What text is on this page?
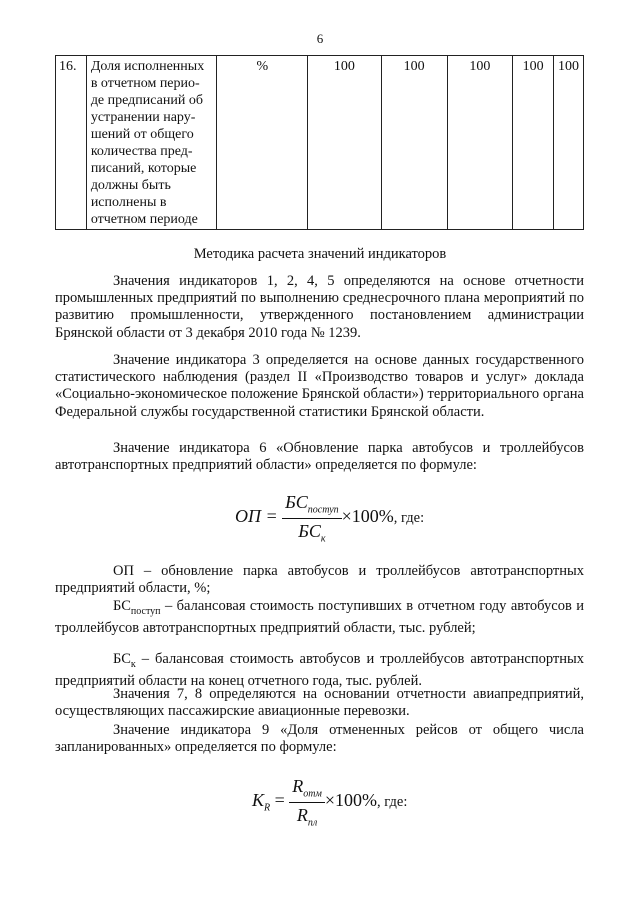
6
16.	Доля исполненных в отчетном перио-де предписаний об устранении нару-шений от общего количества пред-писаний, которые должны быть исполнены в отчетном периоде	%	100	100	100	100	100
Методика расчета значений индикаторов

Значения индикаторов 1, 2, 4, 5 определяются на основе отчетности промышленных предприятий по выполнению среднесрочного плана мероприятий по развитию промышленности, утвержденного постановлением администрации Брянской области от 3 декабря 2010 года № 1239.

Значение индикатора 3 определяется на основе данных государственного статистического наблюдения (раздел II «Производство товаров и услуг» доклада «Социально-экономическое положение Брянской области») территориального органа Федеральной службы государственной статистики Брянской области.

Значение индикатора 6 «Обновление парка автобусов и троллейбусов автотранспортных предприятий области» определяется по формуле:

ОП = $\frac{БС_{поступ}}{БС_к} \times 100\%$, где:

ОП – обновление парка автобусов и троллейбусов автотранспортных предприятий области, %;

$БС_{поступ}$ – балансовая стоимость поступивших в отчетном году автобусов и троллейбусов автотранспортных предприятий области, тыс. рублей;

$БС_к$ – балансовая стоимость автобусов и троллейбусов автотранспортных предприятий области на конец отчетного года, тыс. рублей.

Значения 7, 8 определяются на основании отчетности авиапредприятий, осуществляющих пассажирские авиационные перевозки.

Значение индикатора 9 «Доля отмененных рейсов от общего числа запланированных» определяется по формуле:

$K_R = \frac{R_{отм}}{R_{пл}} \times 100\%$, где:
